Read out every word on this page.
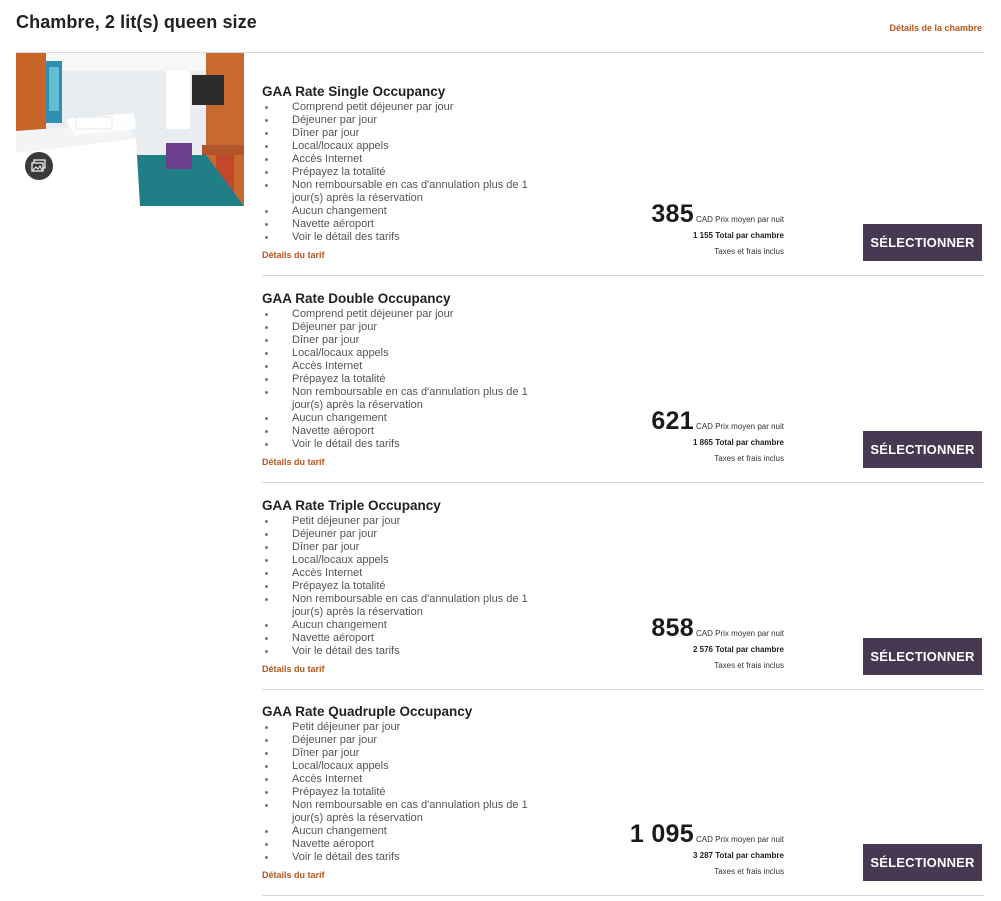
Chambre, 2 lit(s) queen size	Détails de la chambre
GAA Rate Single Occupancy
Comprend petit déjeuner par jour
Déjeuner par jour
Dîner par jour
Local/locaux appels
Accès Internet
Prépayez la totalité
Non remboursable en cas d'annulation plus de 1 jour(s) après la réservation
Aucun changement
Navette aéroport
Voir le détail des tarifs
Détails du tarif
385 CAD Prix moyen par nuit
1 155 Total par chambre
Taxes et frais inclus
SÉLECTIONNER
GAA Rate Double Occupancy
Comprend petit déjeuner par jour
Déjeuner par jour
Dîner par jour
Local/locaux appels
Accès Internet
Prépayez la totalité
Non remboursable en cas d'annulation plus de 1 jour(s) après la réservation
Aucun changement
Navette aéroport
Voir le détail des tarifs
Détails du tarif
621 CAD Prix moyen par nuit
1 865 Total par chambre
Taxes et frais inclus
SÉLECTIONNER
GAA Rate Triple Occupancy
Petit déjeuner par jour
Déjeuner par jour
Dîner par jour
Local/locaux appels
Accès Internet
Prépayez la totalité
Non remboursable en cas d'annulation plus de 1 jour(s) après la réservation
Aucun changement
Navette aéroport
Voir le détail des tarifs
Détails du tarif
858 CAD Prix moyen par nuit
2 576 Total par chambre
Taxes et frais inclus
SÉLECTIONNER
GAA Rate Quadruple Occupancy
Petit déjeuner par jour
Déjeuner par jour
Dîner par jour
Local/locaux appels
Accès Internet
Prépayez la totalité
Non remboursable en cas d'annulation plus de 1 jour(s) après la réservation
Aucun changement
Navette aéroport
Voir le détail des tarifs
Détails du tarif
1 095 CAD Prix moyen par nuit
3 287 Total par chambre
Taxes et frais inclus
SÉLECTIONNER
